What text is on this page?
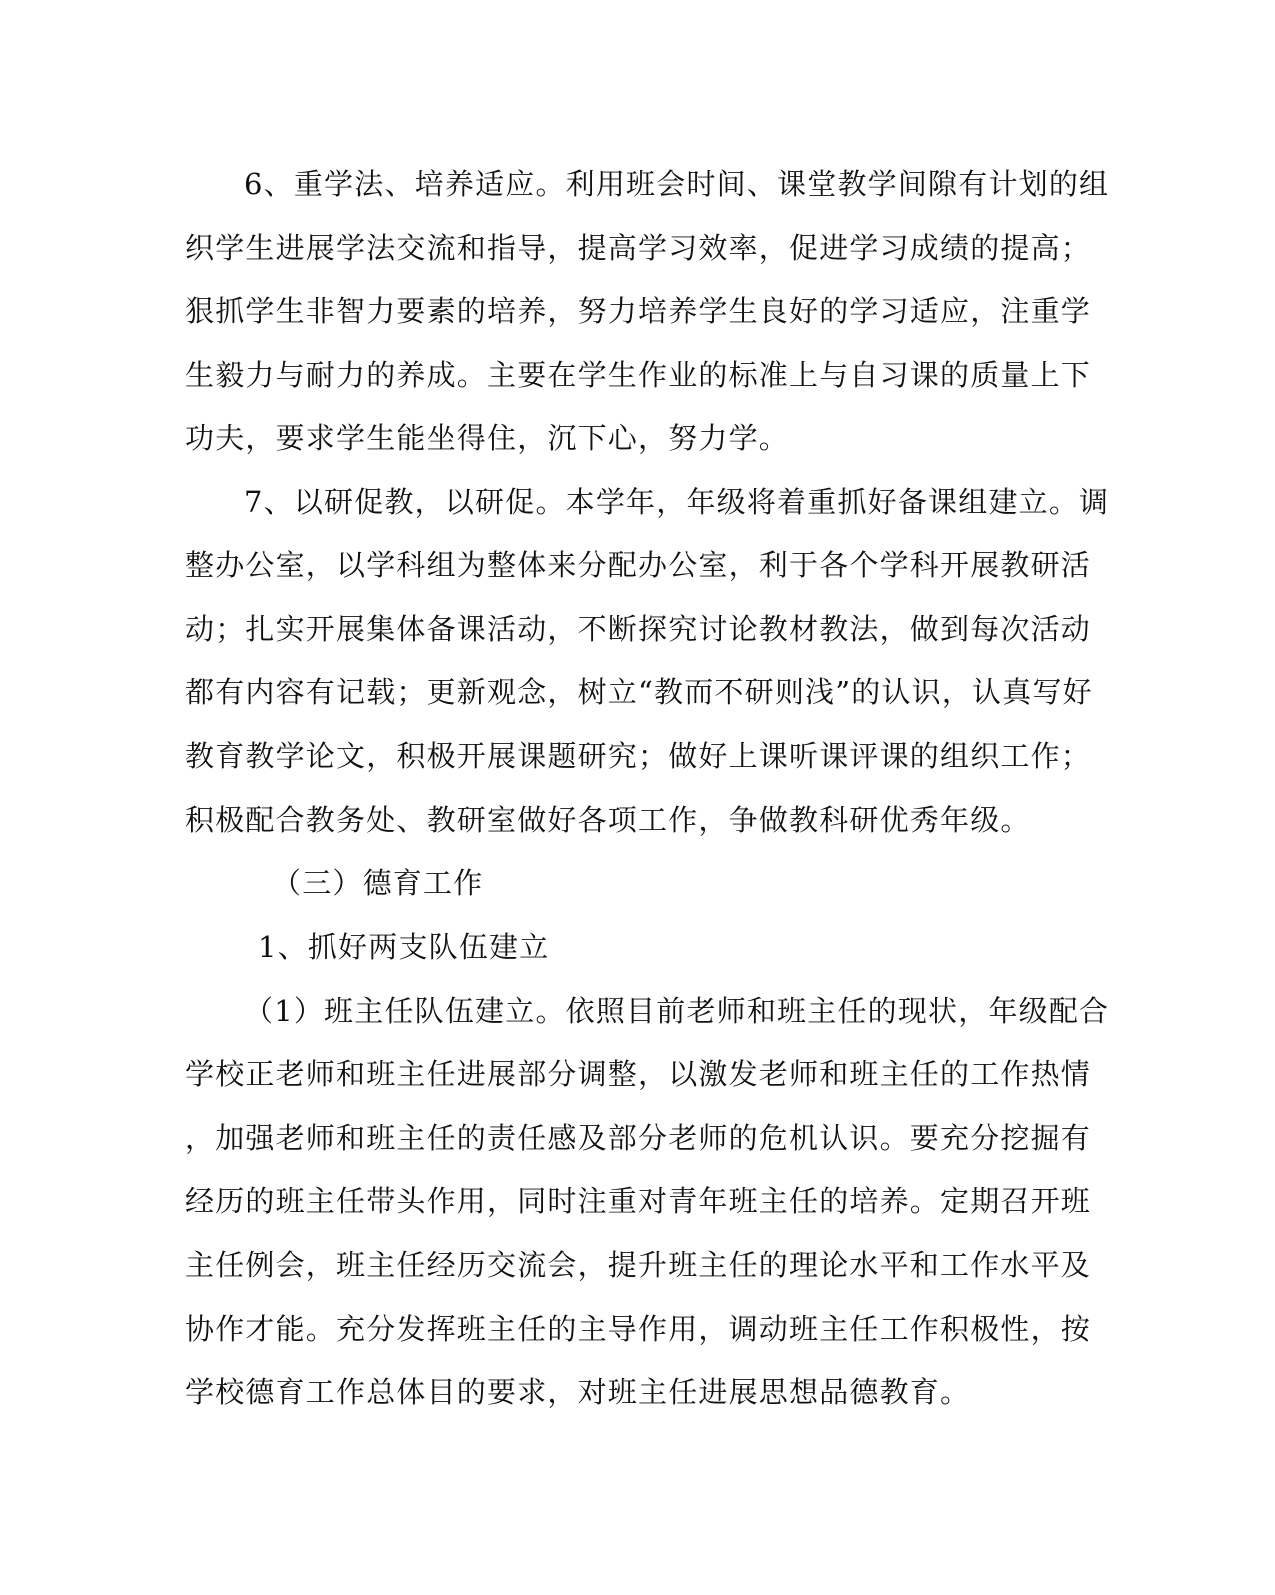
6、重学法、培养适应。利用班会时间、课堂教学间隙有计划的组
织学生进展学法交流和指导，提高学习效率，促进学习成绩的提高；
狠抓学生非智力要素的培养，努力培养学生良好的学习适应，注重学
生毅力与耐力的养成。主要在学生作业的标准上与自习课的质量上下
功夫，要求学生能坐得住，沉下心，努力学。
7、以研促教，以研促。本学年，年级将着重抓好备课组建立。调
整办公室，以学科组为整体来分配办公室，利于各个学科开展教研活
动；扎实开展集体备课活动，不断探究讨论教材教法，做到每次活动
都有内容有记载；更新观念，树立“教而不研则浅”的认识，认真写好
教育教学论文，积极开展课题研究；做好上课听课评课的组织工作；
积极配合教务处、教研室做好各项工作，争做教科研优秀年级。
（三）德育工作
1、抓好两支队伍建立
（1）班主任队伍建立。依照目前老师和班主任的现状，年级配合
学校正老师和班主任进展部分调整，以激发老师和班主任的工作热情
，加强老师和班主任的责任感及部分老师的危机认识。要充分挖掘有
经历的班主任带头作用，同时注重对青年班主任的培养。定期召开班
主任例会，班主任经历交流会，提升班主任的理论水平和工作水平及
协作才能。充分发挥班主任的主导作用，调动班主任工作积极性，按
学校德育工作总体目的要求，对班主任进展思想品德教育。
